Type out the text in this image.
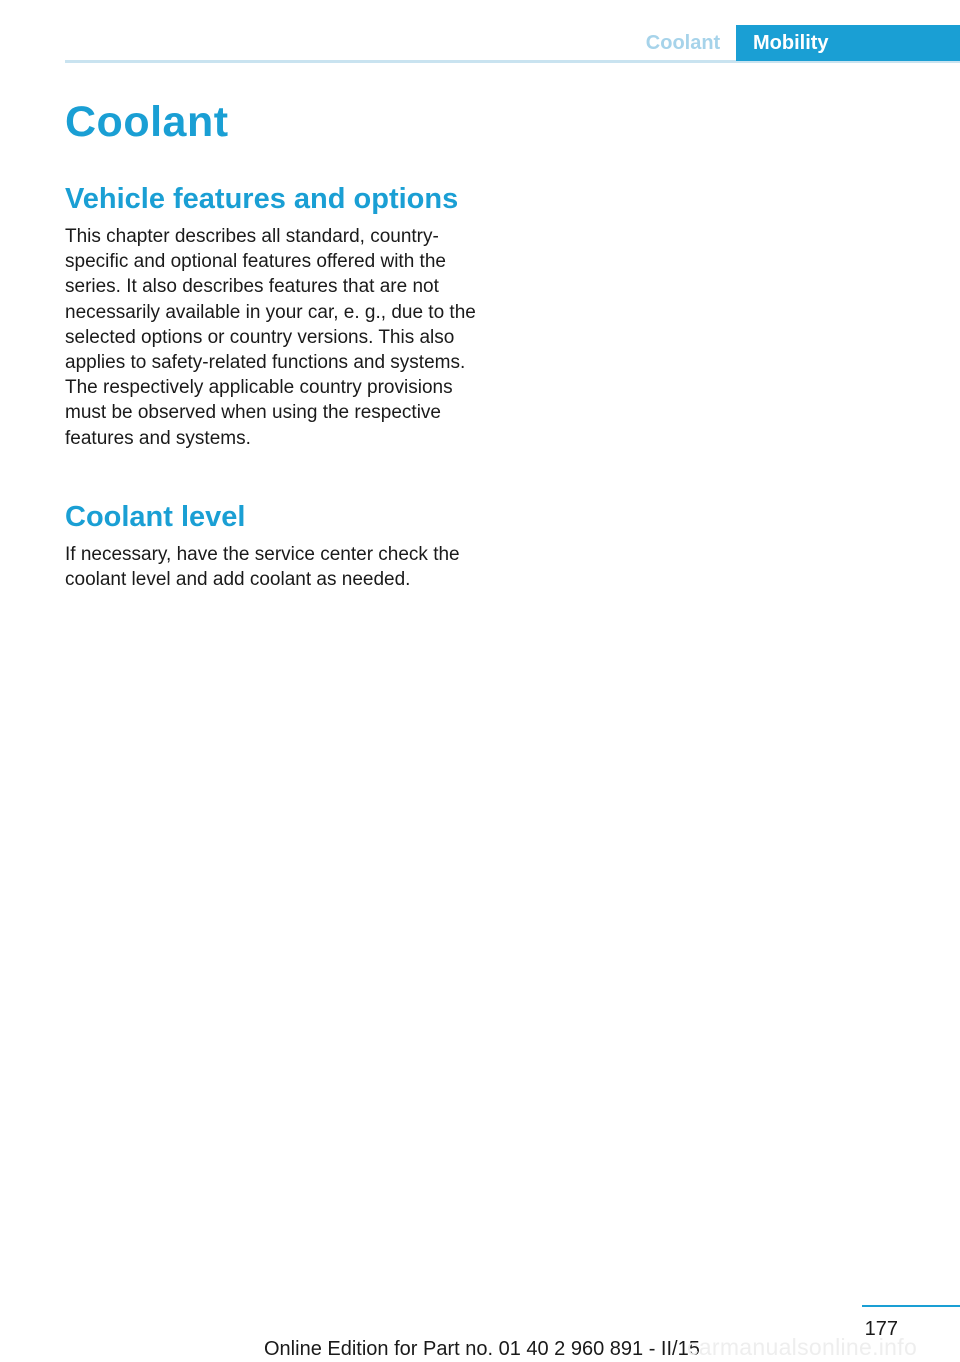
Coolant	Mobility
Coolant
Vehicle features and options

This chapter describes all standard, country-specific and optional features offered with the series. It also describes features that are not necessarily available in your car, e. g., due to the selected options or country versions. This also applies to safety-related functions and systems. The respectively applicable country provisions must be observed when using the respective features and systems.

Coolant level

If necessary, have the service center check the coolant level and add coolant as needed.

177
Online Edition for Part no. 01 40 2 960 891 - II/15
carmanualsonline.info
